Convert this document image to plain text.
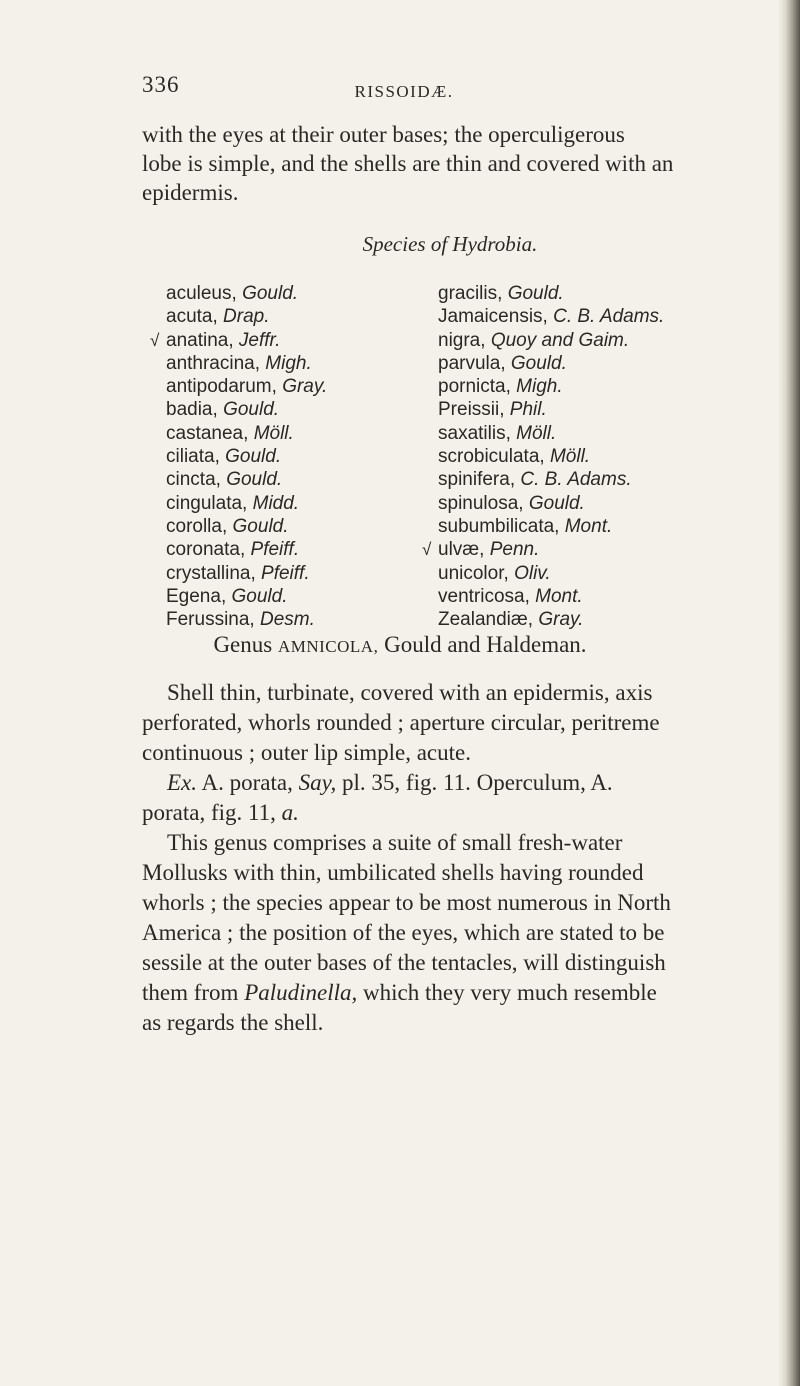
336	RISSOIDÆ.
with the eyes at their outer bases; the operculigerous
lobe is simple, and the shells are thin and covered with an
epidermis.
Species of Hydrobia.
aculeus, Gould.
acuta, Drap.
√ anatina, Jeffr.
anthracina, Migh.
antipodarum, Gray.
badia, Gould.
castanea, Möll.
ciliata, Gould.
cincta, Gould.
cingulata, Midd.
corolla, Gould.
coronata, Pfeiff.
crystallina, Pfeiff.
Egena, Gould.
Ferussina, Desm.
gracilis, Gould.
Jamaicensis, C. B. Adams.
nigra, Quoy and Gaim.
parvula, Gould.
pornicta, Migh.
Preissii, Phil.
saxatilis, Möll.
scrobiculata, Möll.
spinifera, C. B. Adams.
spinulosa, Gould.
subumbilicata, Mont.
√ ulvæ, Penn.
unicolor, Oliv.
ventricosa, Mont.
Zealandiæ, Gray.
Genus AMNICOLA, Gould and Haldeman.
Shell thin, turbinate, covered with an epidermis, axis
perforated, whorls rounded ; aperture circular, peritreme
continuous ; outer lip simple, acute.
Ex. A. porata, Say, pl. 35, fig. 11. Operculum, A.
porata, fig. 11, a.
This genus comprises a suite of small fresh-water
Mollusks with thin, umbilicated shells having rounded
whorls ; the species appear to be most numerous in North
America ; the position of the eyes, which are stated to be
sessile at the outer bases of the tentacles, will distinguish
them from Paludinella, which they very much resemble
as regards the shell.
